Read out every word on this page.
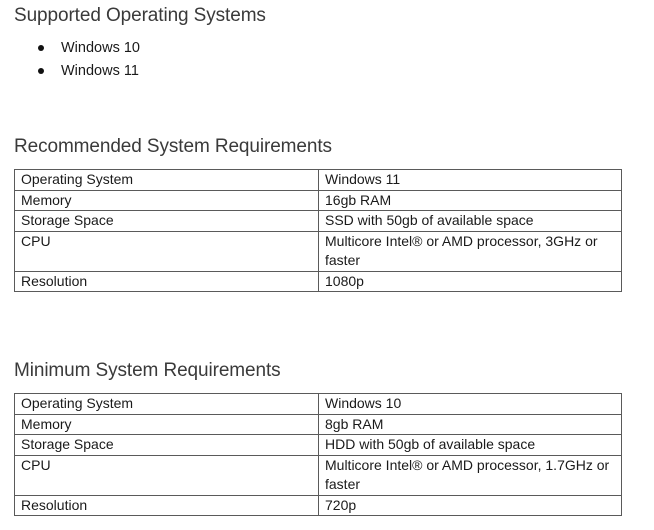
Supported Operating Systems
Windows 10
Windows 11
Recommended System Requirements
Operating System	Windows 11
Memory	16gb RAM
Storage Space	SSD with 50gb of available space
CPU	Multicore Intel® or AMD processor, 3GHz or faster
Resolution	1080p
Minimum System Requirements
Operating System	Windows 10
Memory	8gb RAM
Storage Space	HDD with 50gb of available space
CPU	Multicore Intel® or AMD processor, 1.7GHz or faster
Resolution	720p
